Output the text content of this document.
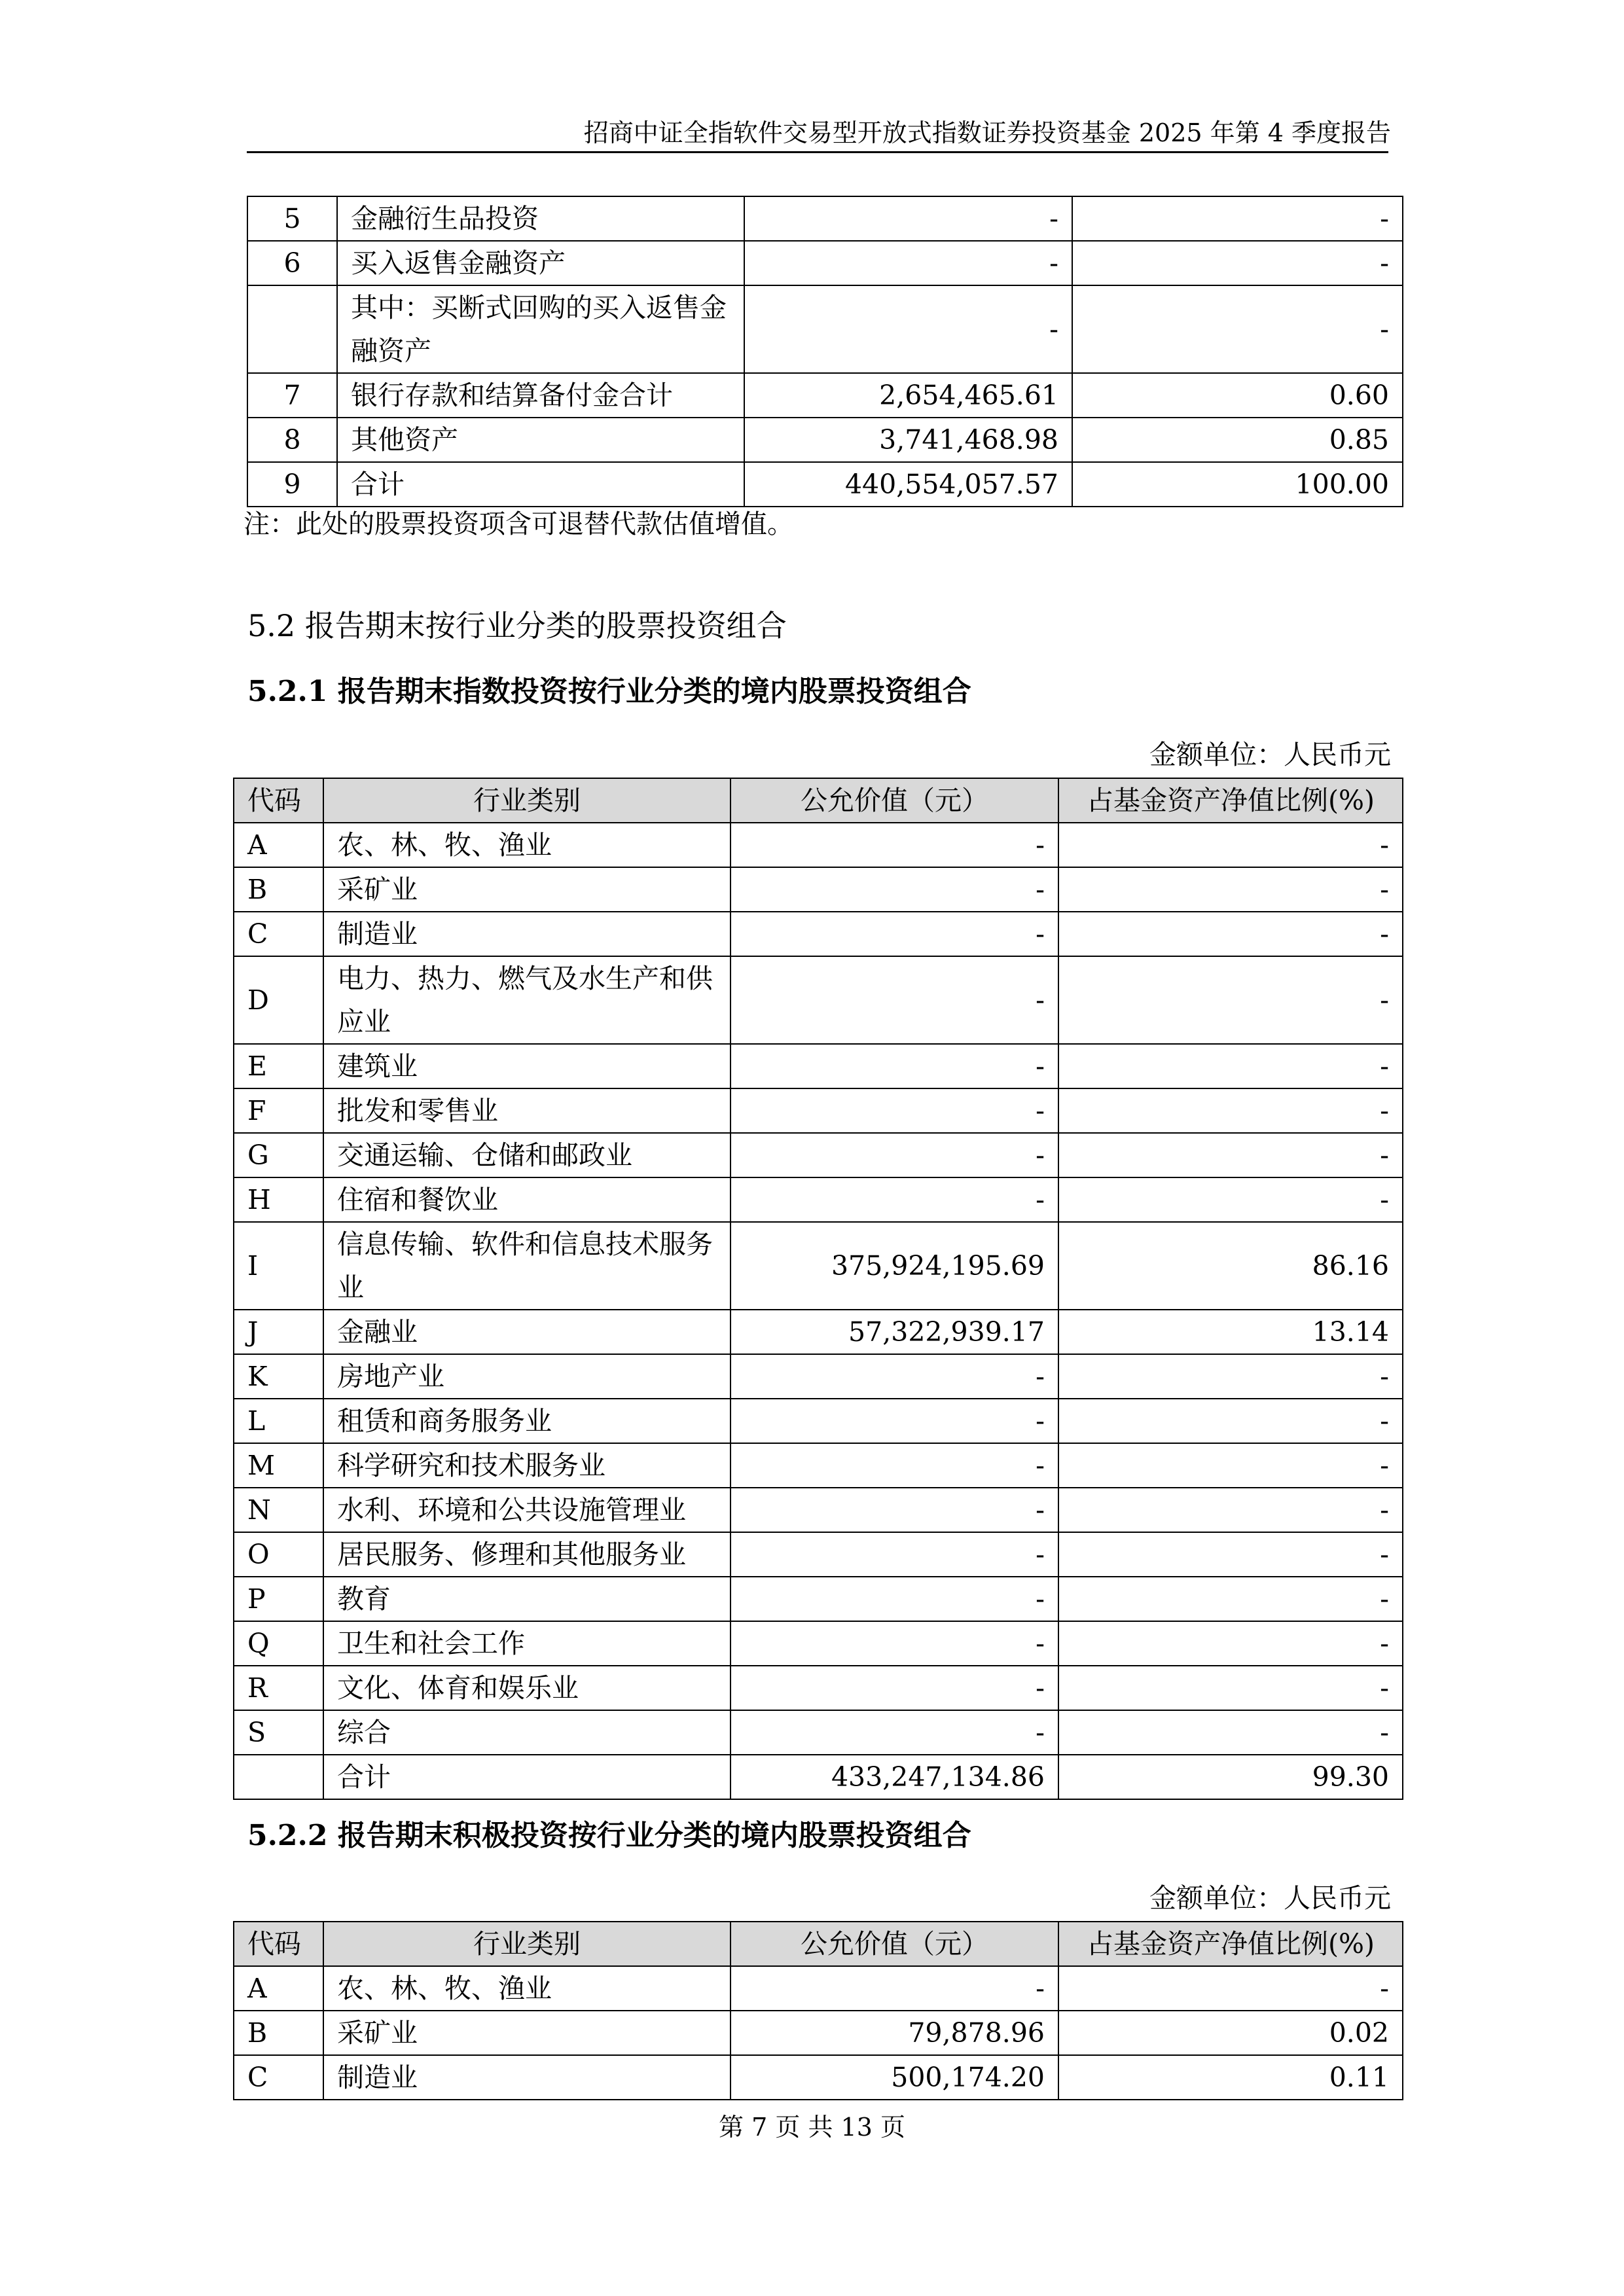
招商中证全指软件交易型开放式指数证券投资基金 2025 年第 4 季度报告
5	金融衍生品投资	-	-
6	买入返售金融资产	-	-
	其中：买断式回购的买入返售金融资产	-	-
7	银行存款和结算备付金合计	2,654,465.61	0.60
8	其他资产	3,741,468.98	0.85
9	合计	440,554,057.57	100.00
注：此处的股票投资项含可退替代款估值增值。
5.2 报告期末按行业分类的股票投资组合
5.2.1 报告期末指数投资按行业分类的境内股票投资组合
金额单位：人民币元
代码	行业类别	公允价值（元）	占基金资产净值比例(%)
A	农、林、牧、渔业	-	-
B	采矿业	-	-
C	制造业	-	-
D	电力、热力、燃气及水生产和供应业	-	-
E	建筑业	-	-
F	批发和零售业	-	-
G	交通运输、仓储和邮政业	-	-
H	住宿和餐饮业	-	-
I	信息传输、软件和信息技术服务业	375,924,195.69	86.16
J	金融业	57,322,939.17	13.14
K	房地产业	-	-
L	租赁和商务服务业	-	-
M	科学研究和技术服务业	-	-
N	水利、环境和公共设施管理业	-	-
O	居民服务、修理和其他服务业	-	-
P	教育	-	-
Q	卫生和社会工作	-	-
R	文化、体育和娱乐业	-	-
S	综合	-	-
	合计	433,247,134.86	99.30
5.2.2 报告期末积极投资按行业分类的境内股票投资组合
金额单位：人民币元
代码	行业类别	公允价值（元）	占基金资产净值比例(%)
A	农、林、牧、渔业	-	-
B	采矿业	79,878.96	0.02
C	制造业	500,174.20	0.11
第 7 页 共 13 页
